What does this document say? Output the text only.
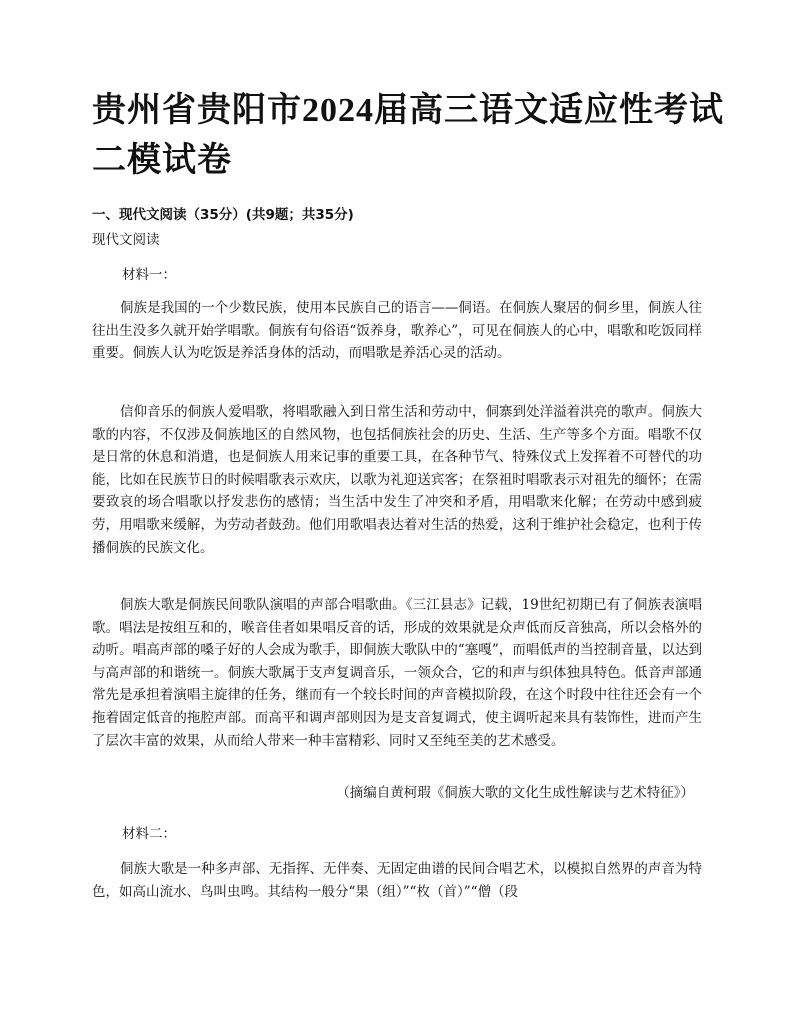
贵州省贵阳市2024届高三语文适应性考试二模试卷
一、现代文阅读（35分）(共9题；共35分)
现代文阅读
材料一：

侗族是我国的一个少数民族，使用本民族自己的语言——侗语。在侗族人聚居的侗乡里，侗族人往往出生没多久就开始学唱歌。侗族有句俗语“饭养身，歌养心”，可见在侗族人的心中，唱歌和吃饭同样重要。侗族人认为吃饭是养活身体的活动，而唱歌是养活心灵的活动。

信仰音乐的侗族人爱唱歌，将唱歌融入到日常生活和劳动中，侗寨到处洋溢着洪亮的歌声。侗族大歌的内容，不仅涉及侗族地区的自然风物，也包括侗族社会的历史、生活、生产等多个方面。唱歌不仅是日常的休息和消遣，也是侗族人用来记事的重要工具，在各种节气、特殊仪式上发挥着不可替代的功能，比如在民族节日的时候唱歌表示欢庆，以歌为礼迎送宾客；在祭祖时唱歌表示对祖先的缅怀；在需要致哀的场合唱歌以抒发悲伤的感情；当生活中发生了冲突和矛盾，用唱歌来化解；在劳动中感到疲劳，用唱歌来缓解，为劳动者鼓劲。他们用歌唱表达着对生活的热爱，这利于维护社会稳定，也利于传播侗族的民族文化。

侗族大歌是侗族民间歌队演唱的声部合唱歌曲。《三江县志》记载，19世纪初期已有了侗族表演唱歌。唱法是按组互和的，喉音佳者如果唱反音的话，形成的效果就是众声低而反音独高，所以会格外的动听。唱高声部的嗓子好的人会成为歌手，即侗族大歌队中的“塞嘎”，而唱低声的当控制音量，以达到与高声部的和谐统一。侗族大歌属于支声复调音乐，一领众合，它的和声与织体独具特色。低音声部通常先是承担着演唱主旋律的任务，继而有一个较长时间的声音模拟阶段，在这个时段中往往还会有一个拖着固定低音的拖腔声部。而高平和调声部则因为是支音复调式，使主调听起来具有装饰性，进而产生了层次丰富的效果，从而给人带来一种丰富精彩、同时又至纯至美的艺术感受。

（摘编自黄柯瑕《侗族大歌的文化生成性解读与艺术特征》）
材料二：

侗族大歌是一种多声部、无指挥、无伴奏、无固定曲谱的民间合唱艺术，以模拟自然界的声音为特色，如高山流水、鸟叫虫鸣。其结构一般分“果（组）”“枚（首）”“僧（段
